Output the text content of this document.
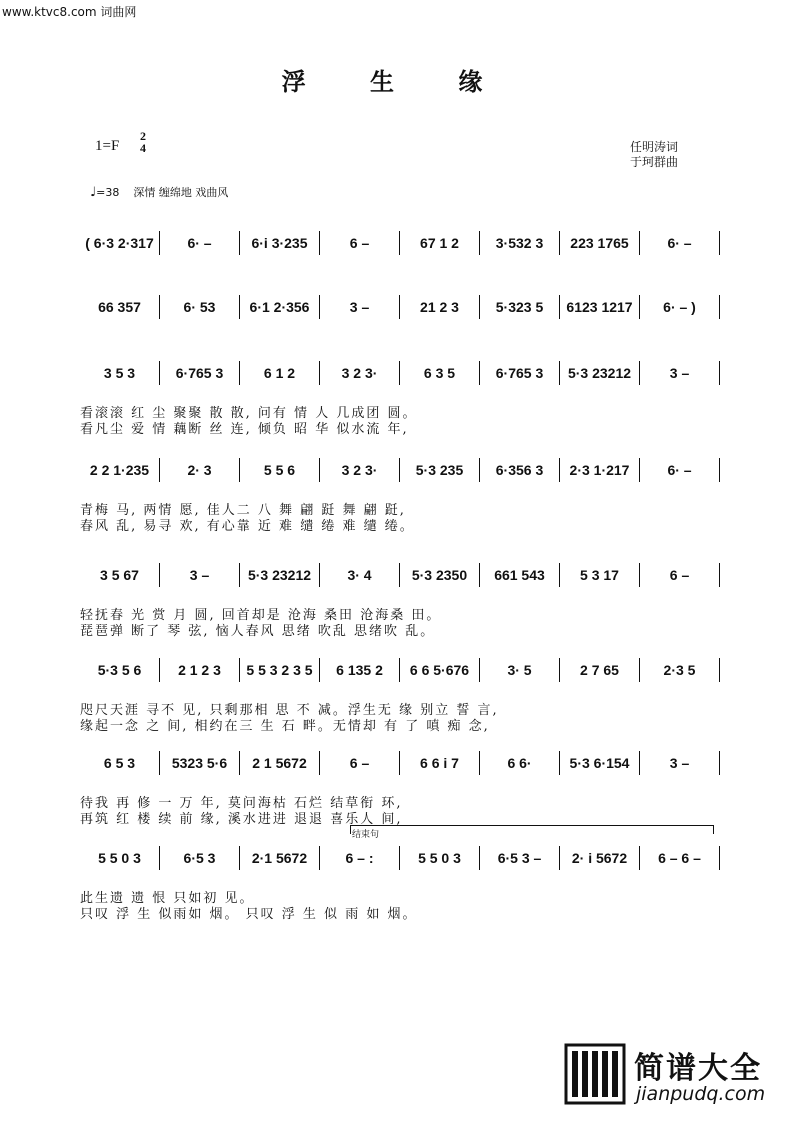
www.ktvc8.com 词曲网
浮 生 缘
1=F
2
4	任明涛词
于珂群曲
♩=38 深情 缠绵地 戏曲风
( 6·3 2·317	6· –	6·i 3·235	6 –	67 1 2	3·532 3	223 1765	6· –
66 357	6· 53	6·1 2·356	3 –	21 2 3	5·323 5	6123 1217	6· – )
3 5 3	6·765 3	6 1 2	3 2 3·	6 3 5	6·765 3	5·3 23212	3 –
看滚滚 红 尘 聚聚 散 散, 问有 情 人 几成团 圆。
看凡尘 爱 情 藕断 丝 连, 倾负 昭 华 似水流 年,
2 2 1·235	2· 3	5 5 6	3 2 3·	5·3 235	6·356 3	2·3 1·217	6· –
青梅 马, 两情 愿, 佳人二 八 舞 翩 跹 舞 翩 跹,
春风 乱, 易寻 欢, 有心靠 近 难 缱 绻 难 缱 绻。
3 5 67	3 –	5·3 23212	3· 4	5·3 2350	661 543	5 3 17	6 –
轻抚春 光 赏 月 圆, 回首却是 沧海 桑田 沧海桑 田。
琵琶弹 断了 琴 弦, 恼人春风 思绪 吹乱 思绪吹 乱。
5·3 5 6	2 1 2 3	5 5 3 2 3 5	6 135 2	6 6 5·676	3· 5	2 7 65	2·3 5
咫尺天涯 寻不 见, 只剩那相 思 不 减。浮生无 缘 别立 誓 言,
缘起一念 之 间, 相约在三 生 石 畔。无情却 有 了 嗔 痴 念,
6 5 3	5323 5·6	2 1 5672	6 –	6 6 i 7	6 6·	5·3 6·154	3 –
待我 再 修 一 万 年, 莫问海枯 石烂 结草衔 环,
再筑 红 楼 续 前 缘, 溪水进进 退退 喜乐人 间,
5 5 0 3	6·5 3	2·1 5672	6 – :	5 5 0 3	6·5 3 –	2· i 5672	6 – 6 –
此生遗 遗 恨 只如初 见。
只叹 浮 生 似雨如 烟。 只叹 浮 生 似 雨 如 烟。
结束句
简谱大全
jianpudq.com
